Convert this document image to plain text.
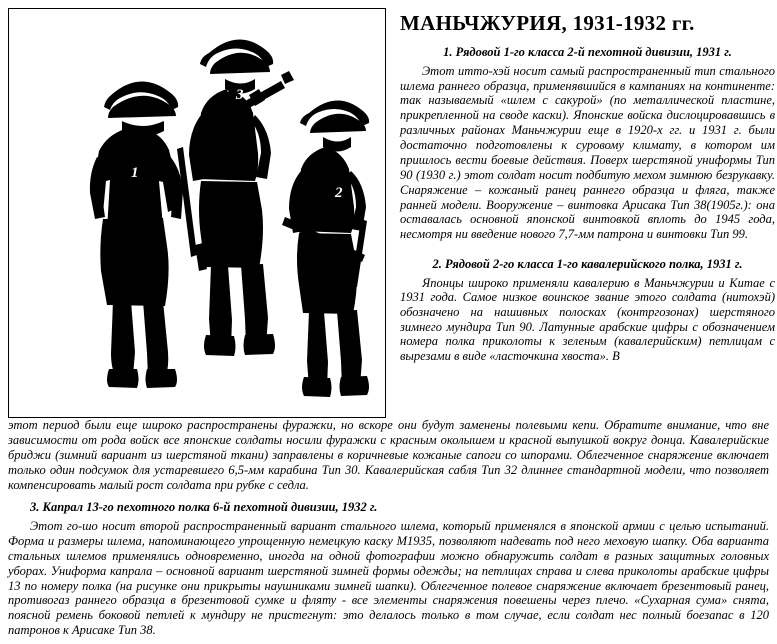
1
2
3
МАНЬЧЖУРИЯ, 1931-1932 гг.
1. Рядовой 1-го класса 2-й пехотной дивизии, 1931 г.

Этот итто-хэй носит самый распространенный тип стального шлема раннего образца, применявшийся в кампаниях на континенте: так называемый «шлем с сакурой» (по металлической пластине, прикрепленной на своде каски). Японские войска дислоцировавшись в различных районах Маньчжурии еще в 1920-х гг. и 1931 г. были достаточно подготовлены к суровому климату, в котором им пришлось вести боевые действия. Поверх шерстяной униформы Тип 90 (1930 г.) этот солдат носит подбитую мехом зимнюю безрукавку. Снаряжение – кожаный ранец раннего образца и фляга, также ранней модели. Вооружение – винтовка Арисака Тип 38(1905г.): она оставалась основной японской винтовкой вплоть до 1945 года, несмотря ни введение нового 7,7-мм патрона и винтовки Тип 99.

2. Рядовой 2-го класса 1-го кавалерийского полка, 1931 г.

Японцы широко применяли кавалерию в Маньчжурии и Китае с 1931 года. Самое низкое воинское звание этого солдата (нитохэй) обозначено на нашивных полосках (контргозонах) шерстяного зимнего мундира Тип 90. Латунные арабские цифры с обозначением номера полка приколоты к зеленым (кавалерийским) петлицам с вырезами в виде «ласточкина хвоста». В

этот период были еще широко распространены фуражки, но вскоре они будут заменены полевыми кепи. Обратите внимание, что вне зависимости от рода войск все японские солдаты носили фуражки с красным околышем и красной выпушкой вокруг донца. Кавалерийские бриджи (зимний вариант из шерстяной ткани) заправлены в коричневые кожаные сапоги со шпорами. Облегченное снаряжение включает только один подсумок для устаревшего 6,5-мм карабина Тип 30. Кавалерийская сабля Тип 32 длиннее стандартной модели, что позволяет компенсировать малый рост солдата при рубке с седла.

3. Капрал 13-го пехотного полка 6-й пехотной дивизии, 1932 г.

Этот го-шо носит второй распространенный вариант стального шлема, который применялся в японской армии с целью испытаний. Форма и размеры шлема, напоминающего упрощенную немецкую каску М1935, позволяют надевать под него меховую шапку. Оба варианта стальных шлемов применялись одновременно, иногда на одной фотографии можно обнаружить солдат в разных защитных головных уборах. Униформа капрала – основной вариант шерстяной зимней формы одежды; на петлицах справа и слева приколоты арабские цифры 13 по номеру полка (на рисунке они прикрыты наушниками зимней шапки). Облегченное полевое снаряжение включает брезентовый ранец, противогаз раннего образца в брезентовой сумке и фляту - все элементы снаряжения повешены через плечо. «Сухарная сума» снята, поясной ремень боковой петлей к мундиру не пристегнут: это делалось только в том случае, если солдат нес полный боезапас в 120 патронов к Арисаке Тип 38.
